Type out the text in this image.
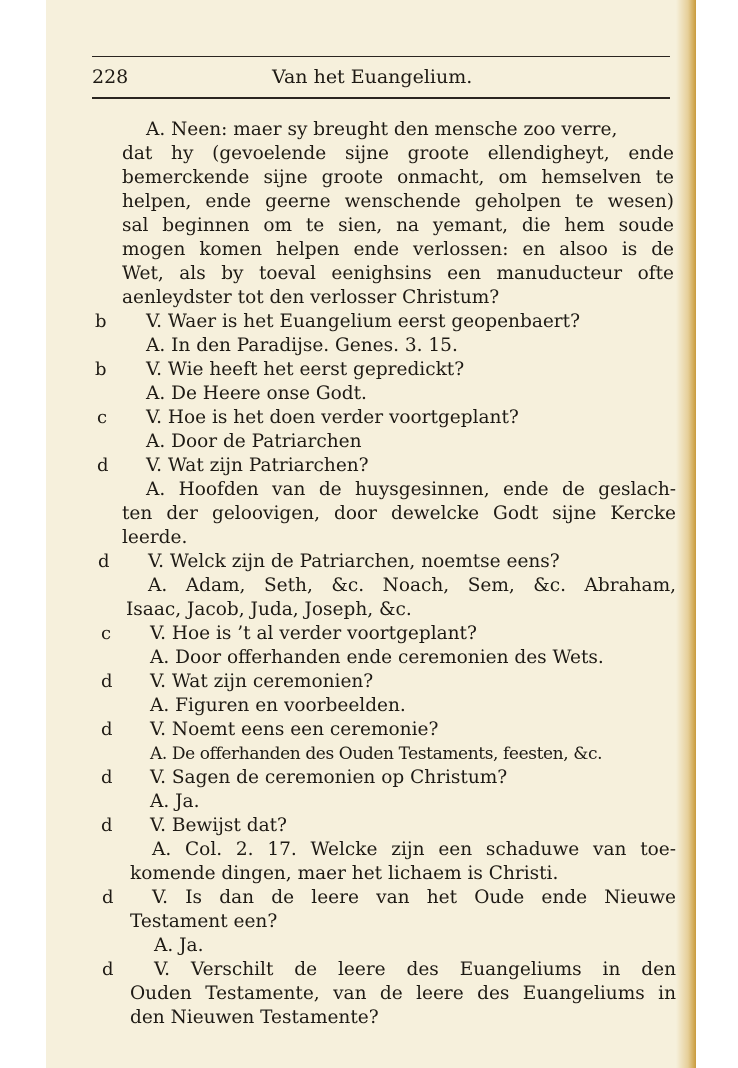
228	Van het Euangelium.
A. Neen: maer sy breught den mensche zoo verre,
dat hy (gevoelende sijne groote ellendigheyt, ende
bemerckende sijne groote onmacht, om hemselven te
helpen, ende geerne wenschende geholpen te wesen)
sal beginnen om te sien, na yemant, die hem soude
mogen komen helpen ende verlossen: en alsoo is de
Wet, als by toeval eenighsins een manuducteur ofte
aenleydster tot den verlosser Christum?
V. Waer is het Euangelium eerst geopenbaert?
A. In den Paradijse. Genes. 3. 15.
V. Wie heeft het eerst gepredickt?
A. De Heere onse Godt.
V. Hoe is het doen verder voortgeplant?
A. Door de Patriarchen
V. Wat zijn Patriarchen?
A. Hoofden van de huysgesinnen, ende de geslach-
ten der geloovigen, door dewelcke Godt sijne Kercke
leerde.
V. Welck zijn de Patriarchen, noemtse eens?
A. Adam, Seth, &c. Noach, Sem, &c. Abraham,
Isaac, Jacob, Juda, Joseph, &c.
V. Hoe is ’t al verder voortgeplant?
A. Door offerhanden ende ceremonien des Wets.
V. Wat zijn ceremonien?
A. Figuren en voorbeelden.
V. Noemt eens een ceremonie?
A. De offerhanden des Ouden Testaments, feesten, &c.
V. Sagen de ceremonien op Christum?
A. Ja.
V. Bewijst dat?
A. Col. 2. 17. Welcke zijn een schaduwe van toe-
komende dingen, maer het lichaem is Christi.
V. Is dan de leere van het Oude ende Nieuwe
Testament een?
A. Ja.
V. Verschilt de leere des Euangeliums in den
Ouden Testamente, van de leere des Euangeliums in
den Nieuwen Testamente?
b
b
c
d
d
c
d
d
d
d
d
d
